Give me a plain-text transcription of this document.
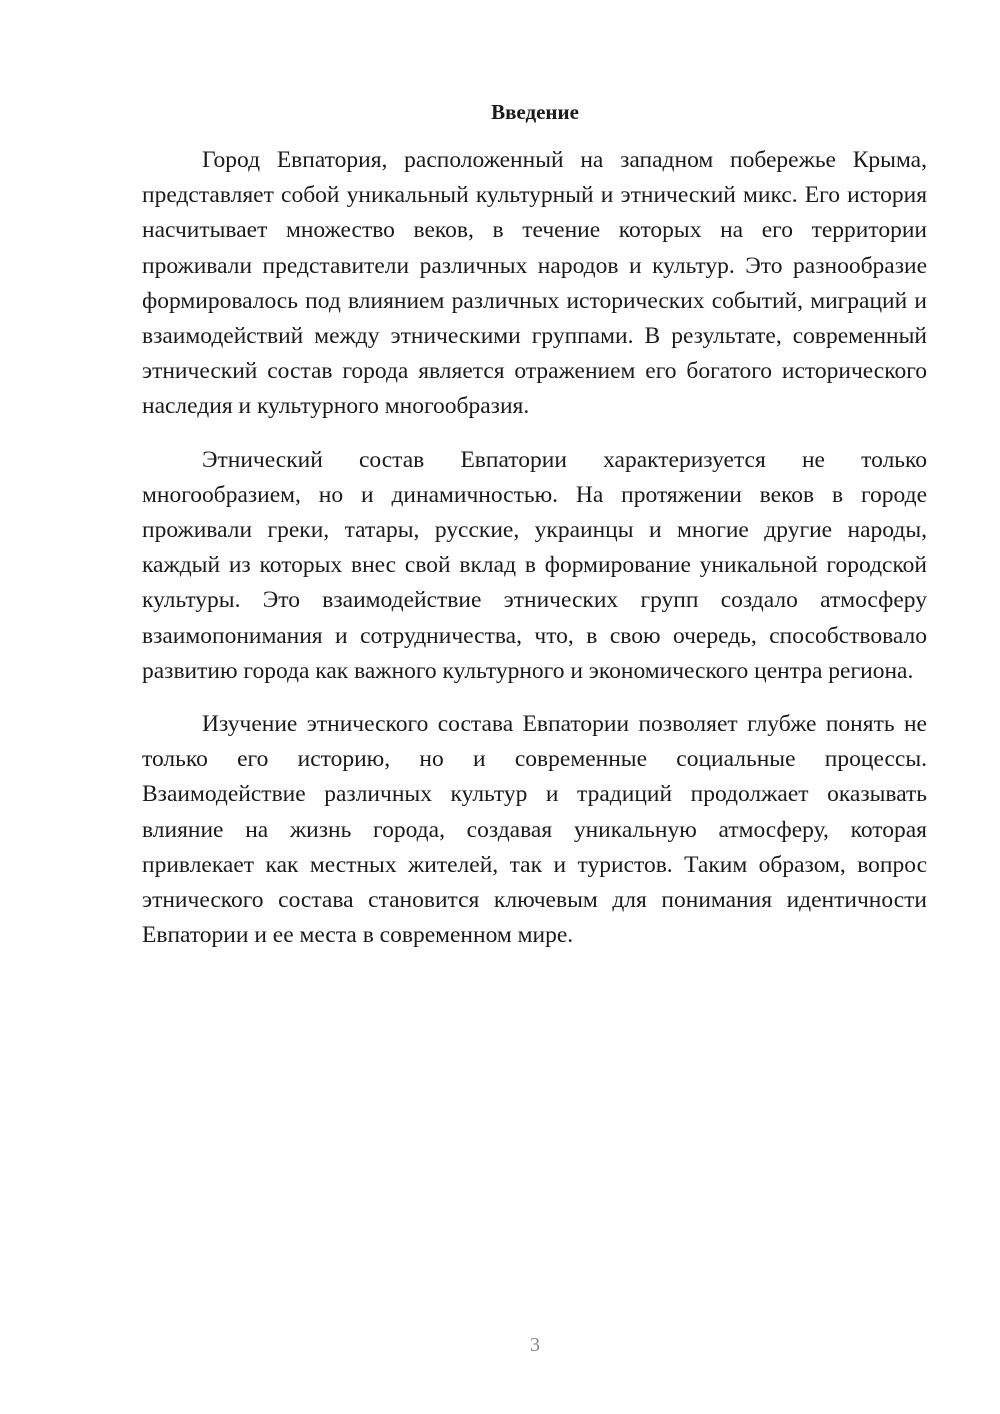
Введение

Город Евпатория, расположенный на западном побережье Крыма, представляет собой уникальный культурный и этнический микс. Его история насчитывает множество веков, в течение которых на его территории проживали представители различных народов и культур. Это разнообразие формировалось под влиянием различных исторических событий, миграций и взаимодействий между этническими группами. В результате, современный этнический состав города является отражением его богатого исторического наследия и культурного многообразия.

Этнический состав Евпатории характеризуется не только многообразием, но и динамичностью. На протяжении веков в городе проживали греки, татары, русские, украинцы и многие другие народы, каждый из которых внес свой вклад в формирование уникальной городской культуры. Это взаимодействие этнических групп создало атмосферу взаимопонимания и сотрудничества, что, в свою очередь, способствовало развитию города как важного культурного и экономического центра региона.

Изучение этнического состава Евпатории позволяет глубже понять не только его историю, но и современные социальные процессы. Взаимодействие различных культур и традиций продолжает оказывать влияние на жизнь города, создавая уникальную атмосферу, которая привлекает как местных жителей, так и туристов. Таким образом, вопрос этнического состава становится ключевым для понимания идентичности Евпатории и ее места в современном мире.

3
